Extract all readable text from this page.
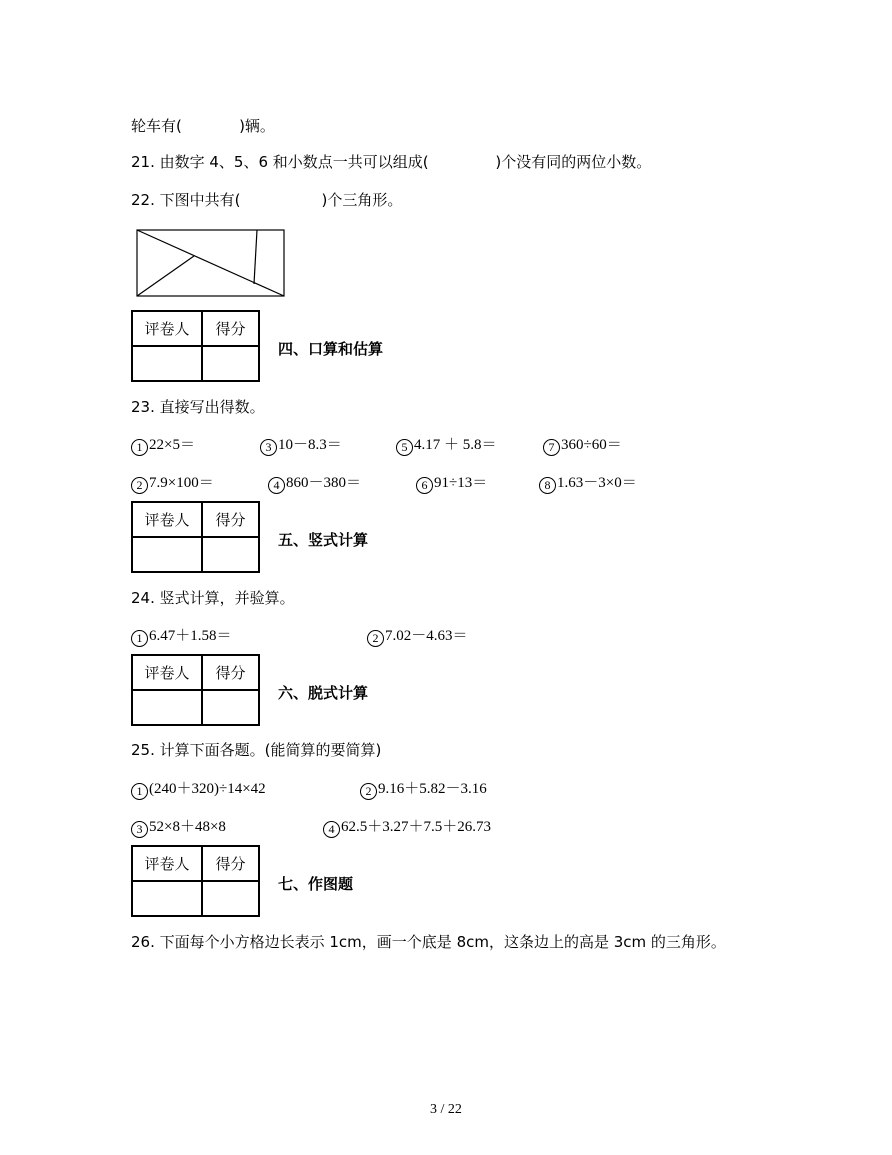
轮车有(            )辆。
21. 由数字 4、5、6 和小数点一共可以组成(              )个没有同的两位小数。
22. 下图中共有(                 )个三角形。
评卷人	得分

四、口算和估算
23. 直接写出得数。
1 22×5＝	3 10－8.3＝	5 4.17 ＋ 5.8＝	7 360÷60＝
2 7.9×100＝	4 860－380＝	6 91÷13＝	8 1.63－3×0＝
评卷人	得分

五、竖式计算
24. 竖式计算，并验算。
1 6.47＋1.58＝	2 7.02－4.63＝
评卷人	得分

六、脱式计算
25. 计算下面各题。(能简算的要简算)
1 (240＋320)÷14×42	2 9.16＋5.82－3.16
3 52×8＋48×8	4 62.5＋3.27＋7.5＋26.73
评卷人	得分

七、作图题
26. 下面每个小方格边长表示 1cm，画一个底是 8cm，这条边上的高是 3cm 的三角形。
3 / 22
